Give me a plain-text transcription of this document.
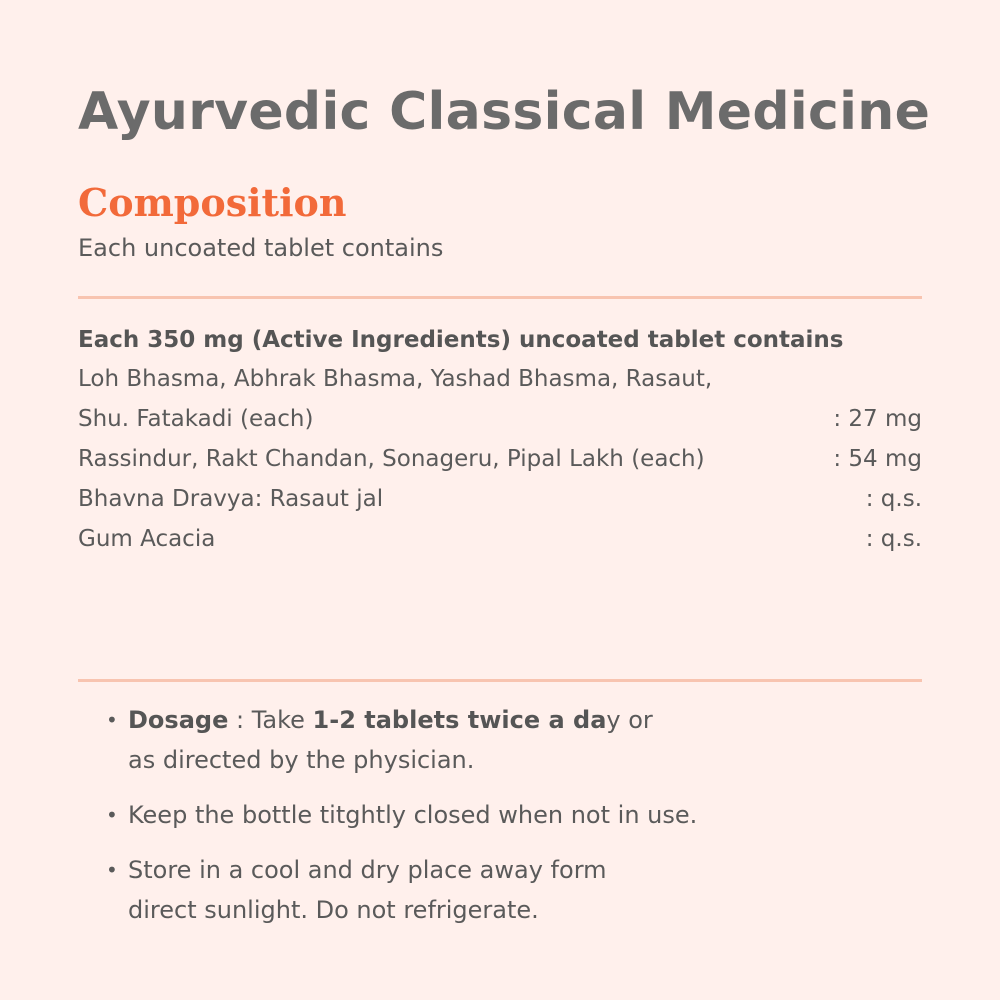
Ayurvedic Classical Medicine
Composition

Each uncoated tablet contains

Each 350 mg (Active Ingredients) uncoated tablet contains

Loh Bhasma, Abhrak Bhasma, Yashad Bhasma, Rasaut,
Shu. Fatakadi (each)	: 27 mg
Rassindur, Rakt Chandan, Sonageru, Pipal Lakh (each)	: 54 mg
Bhavna Dravya: Rasaut jal	: q.s.
Gum Acacia	: q.s.
• Dosage : Take 1-2 tablets twice a day or
as directed by the physician.
• Keep the bottle titghtly closed when not in use.
• Store in a cool and dry place away form
direct sunlight. Do not refrigerate.
